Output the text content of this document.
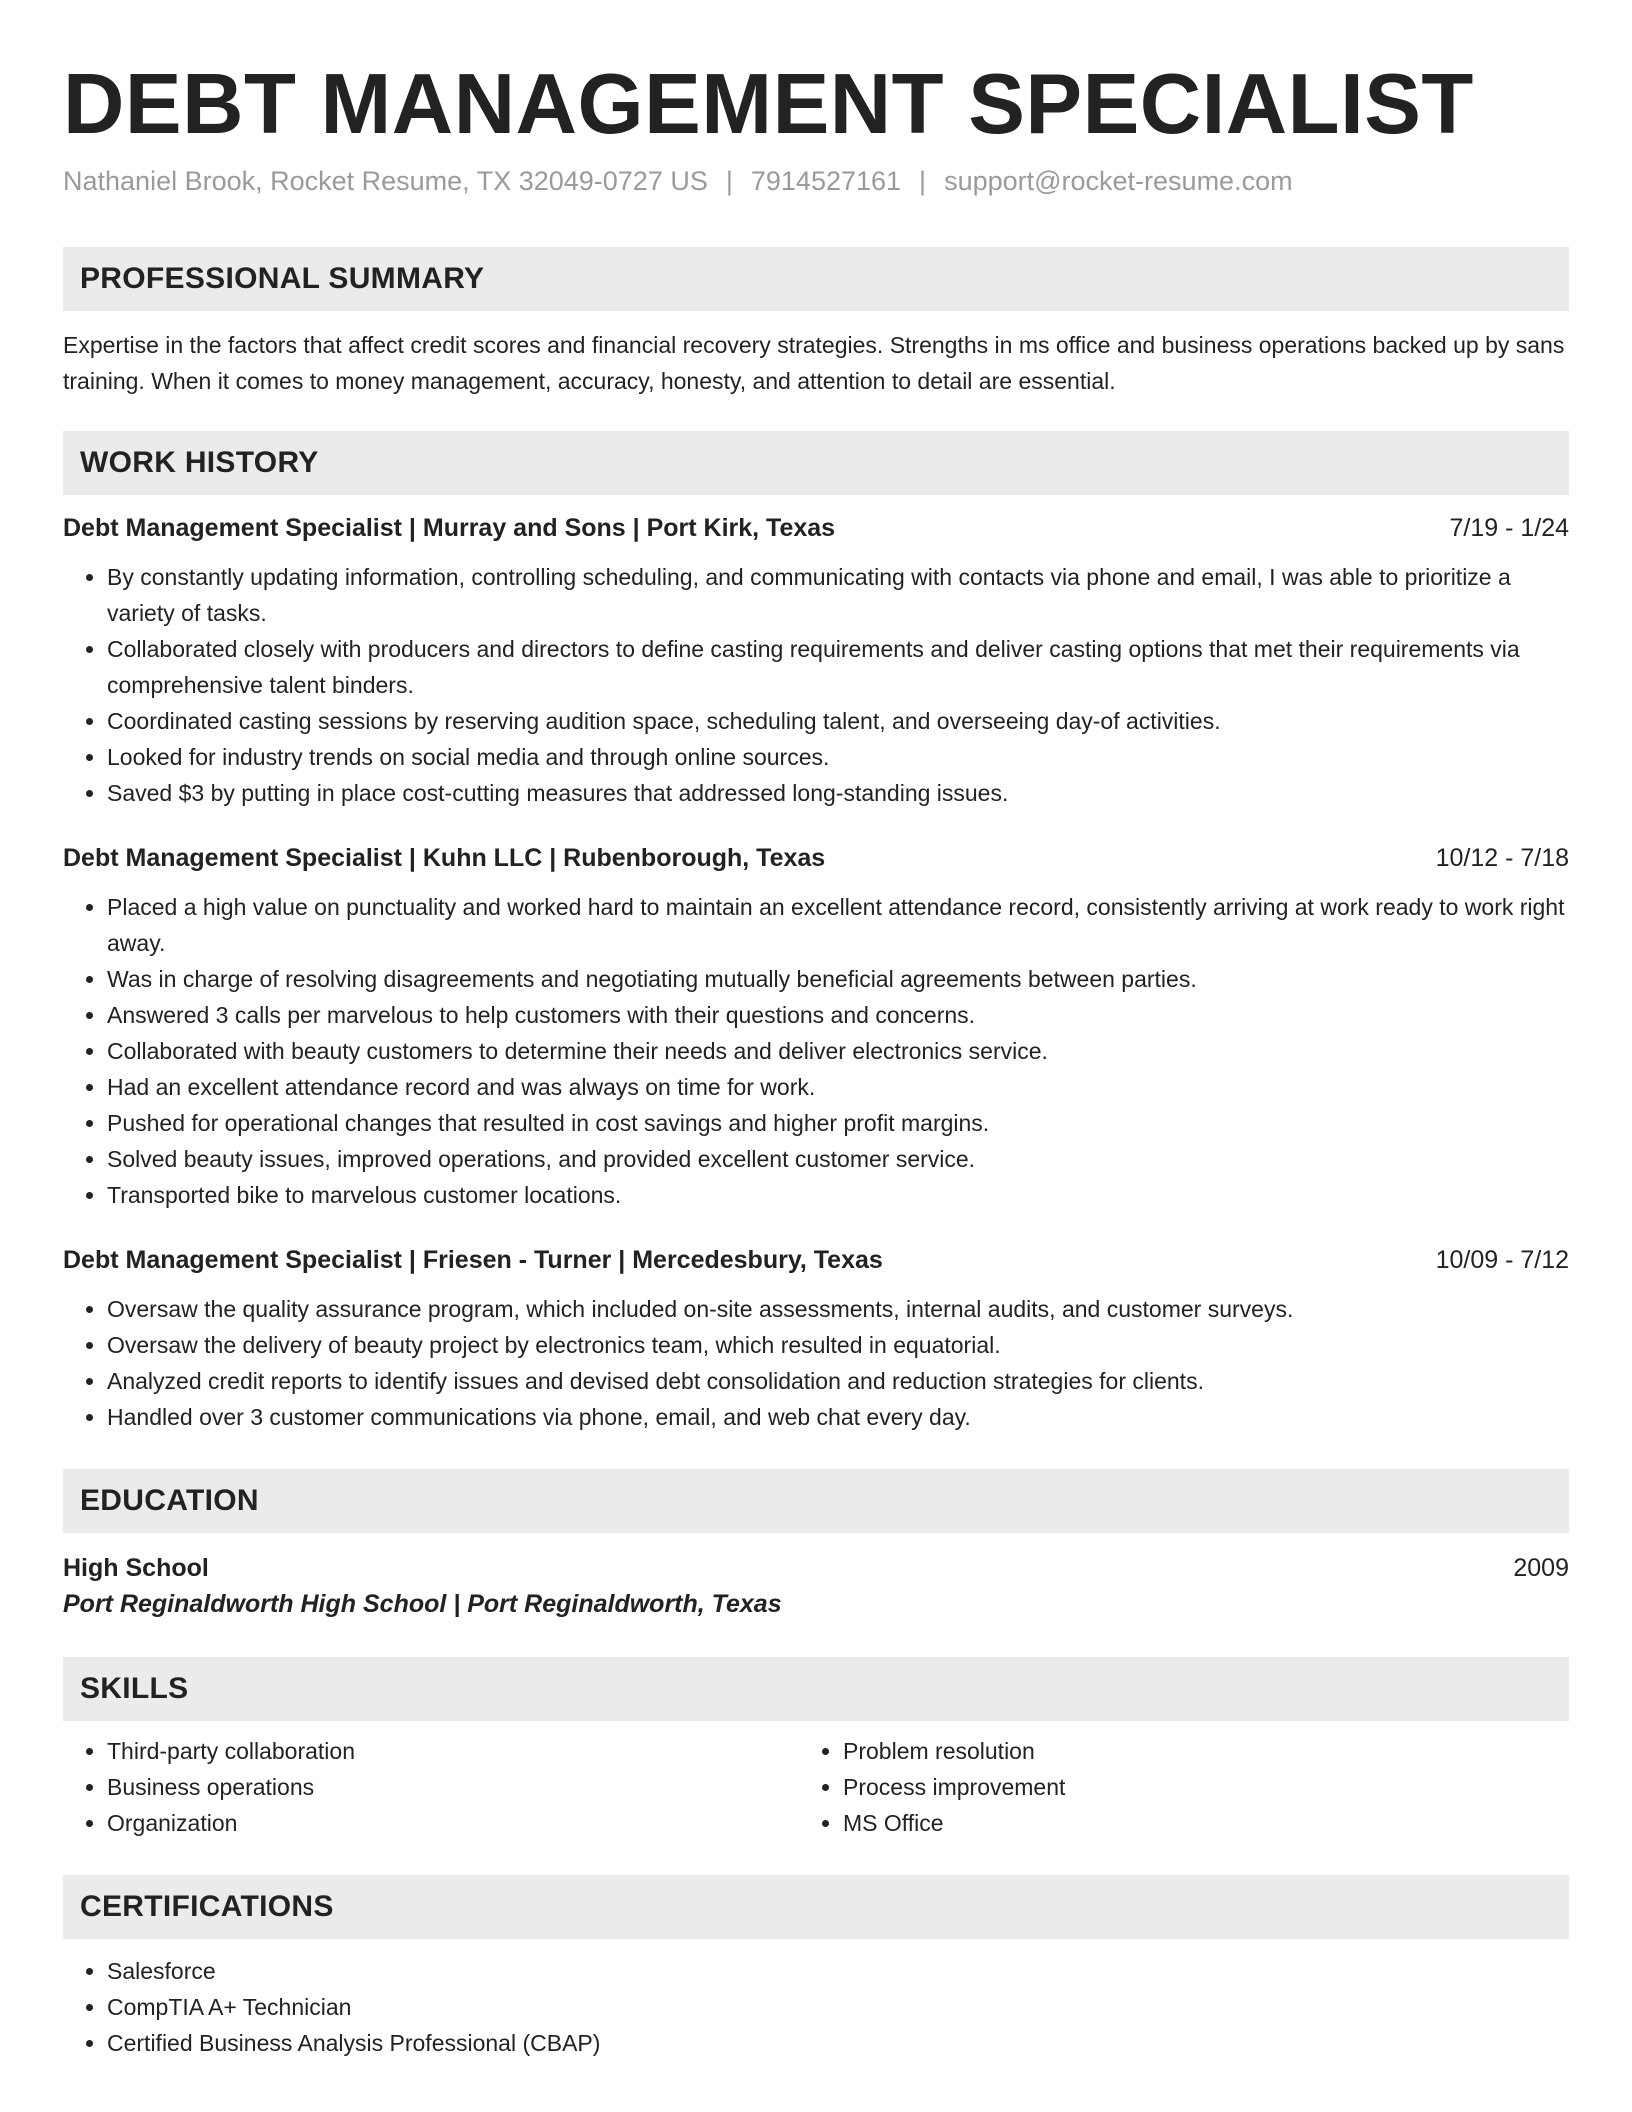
DEBT MANAGEMENT SPECIALIST
Nathaniel Brook, Rocket Resume, TX 32049-0727 US | 7914527161 | support@rocket-resume.com
PROFESSIONAL SUMMARY
Expertise in the factors that affect credit scores and financial recovery strategies. Strengths in ms office and business operations backed up by sans training. When it comes to money management, accuracy, honesty, and attention to detail are essential.
WORK HISTORY
Debt Management Specialist | Murray and Sons | Port Kirk, Texas	7/19 - 1/24
• By constantly updating information, controlling scheduling, and communicating with contacts via phone and email, I was able to prioritize a variety of tasks.
• Collaborated closely with producers and directors to define casting requirements and deliver casting options that met their requirements via comprehensive talent binders.
• Coordinated casting sessions by reserving audition space, scheduling talent, and overseeing day-of activities.
• Looked for industry trends on social media and through online sources.
• Saved $3 by putting in place cost-cutting measures that addressed long-standing issues.
Debt Management Specialist | Kuhn LLC | Rubenborough, Texas	10/12 - 7/18
• Placed a high value on punctuality and worked hard to maintain an excellent attendance record, consistently arriving at work ready to work right away.
• Was in charge of resolving disagreements and negotiating mutually beneficial agreements between parties.
• Answered 3 calls per marvelous to help customers with their questions and concerns.
• Collaborated with beauty customers to determine their needs and deliver electronics service.
• Had an excellent attendance record and was always on time for work.
• Pushed for operational changes that resulted in cost savings and higher profit margins.
• Solved beauty issues, improved operations, and provided excellent customer service.
• Transported bike to marvelous customer locations.
Debt Management Specialist | Friesen - Turner | Mercedesbury, Texas	10/09 - 7/12
• Oversaw the quality assurance program, which included on-site assessments, internal audits, and customer surveys.
• Oversaw the delivery of beauty project by electronics team, which resulted in equatorial.
• Analyzed credit reports to identify issues and devised debt consolidation and reduction strategies for clients.
• Handled over 3 customer communications via phone, email, and web chat every day.
EDUCATION
High School	2009
Port Reginaldworth High School | Port Reginaldworth, Texas
SKILLS
• Third-party collaboration
• Business operations
• Organization
• Problem resolution
• Process improvement
• MS Office
CERTIFICATIONS
• Salesforce
• CompTIA A+ Technician
• Certified Business Analysis Professional (CBAP)
